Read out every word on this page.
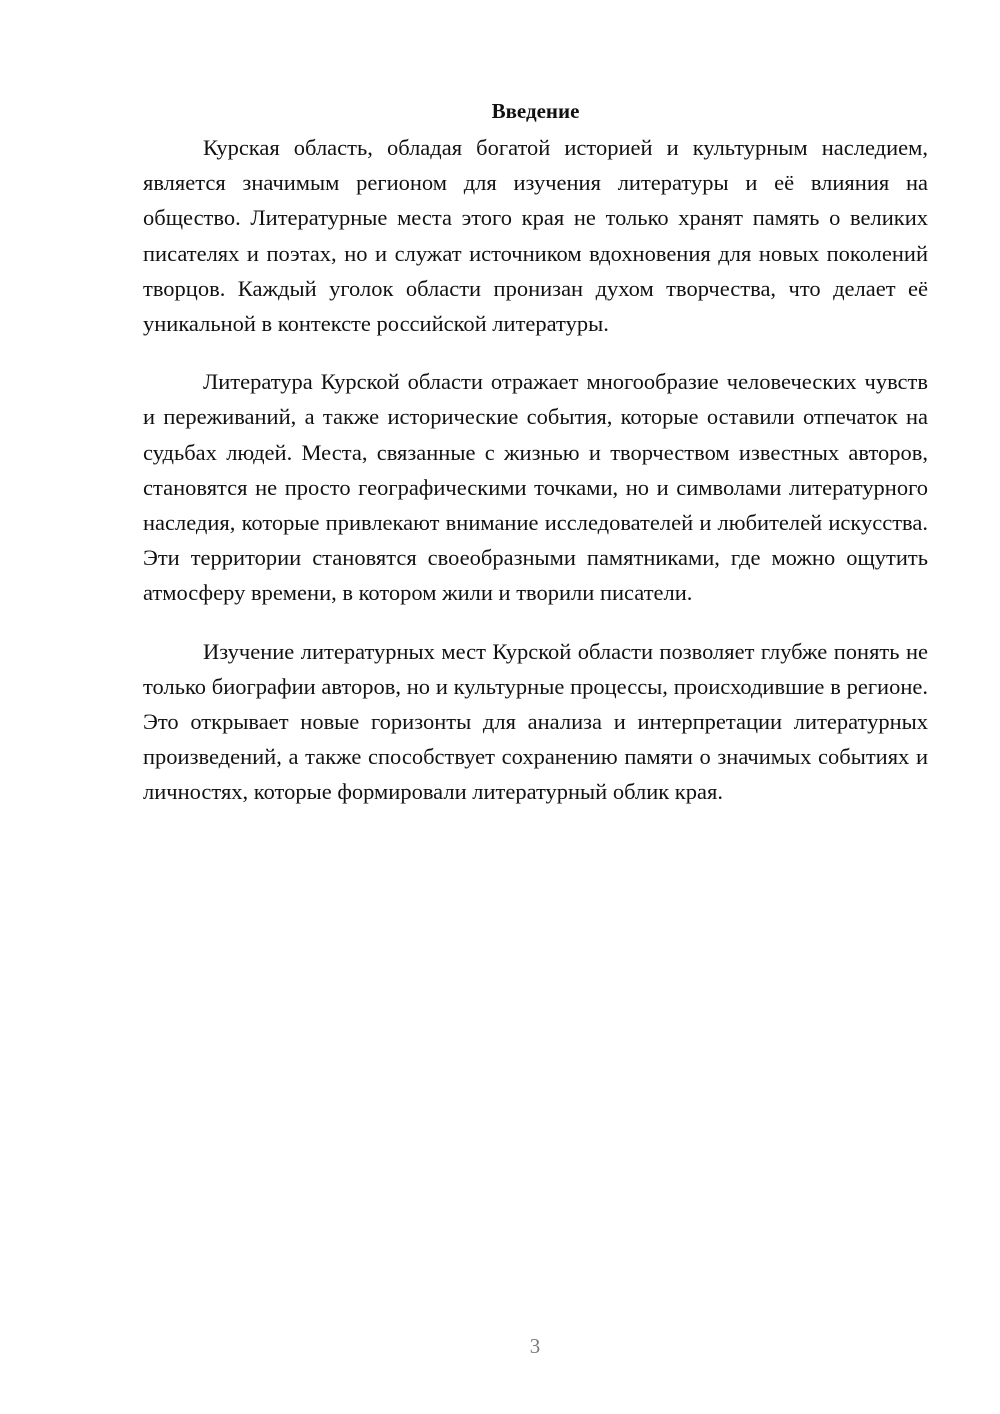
Введение

Курская область, обладая богатой историей и культурным наследием, является значимым регионом для изучения литературы и её влияния на общество. Литературные места этого края не только хранят память о великих писателях и поэтах, но и служат источником вдохновения для новых поколений творцов. Каждый уголок области пронизан духом творчества, что делает её уникальной в контексте российской литературы.

Литература Курской области отражает многообразие человеческих чувств и переживаний, а также исторические события, которые оставили отпечаток на судьбах людей. Места, связанные с жизнью и творчеством известных авторов, становятся не просто географическими точками, но и символами литературного наследия, которые привлекают внимание исследователей и любителей искусства. Эти территории становятся своеобразными памятниками, где можно ощутить атмосферу времени, в котором жили и творили писатели.

Изучение литературных мест Курской области позволяет глубже понять не только биографии авторов, но и культурные процессы, происходившие в регионе. Это открывает новые горизонты для анализа и интерпретации литературных произведений, а также способствует сохранению памяти о значимых событиях и личностях, которые формировали литературный облик края.

3
